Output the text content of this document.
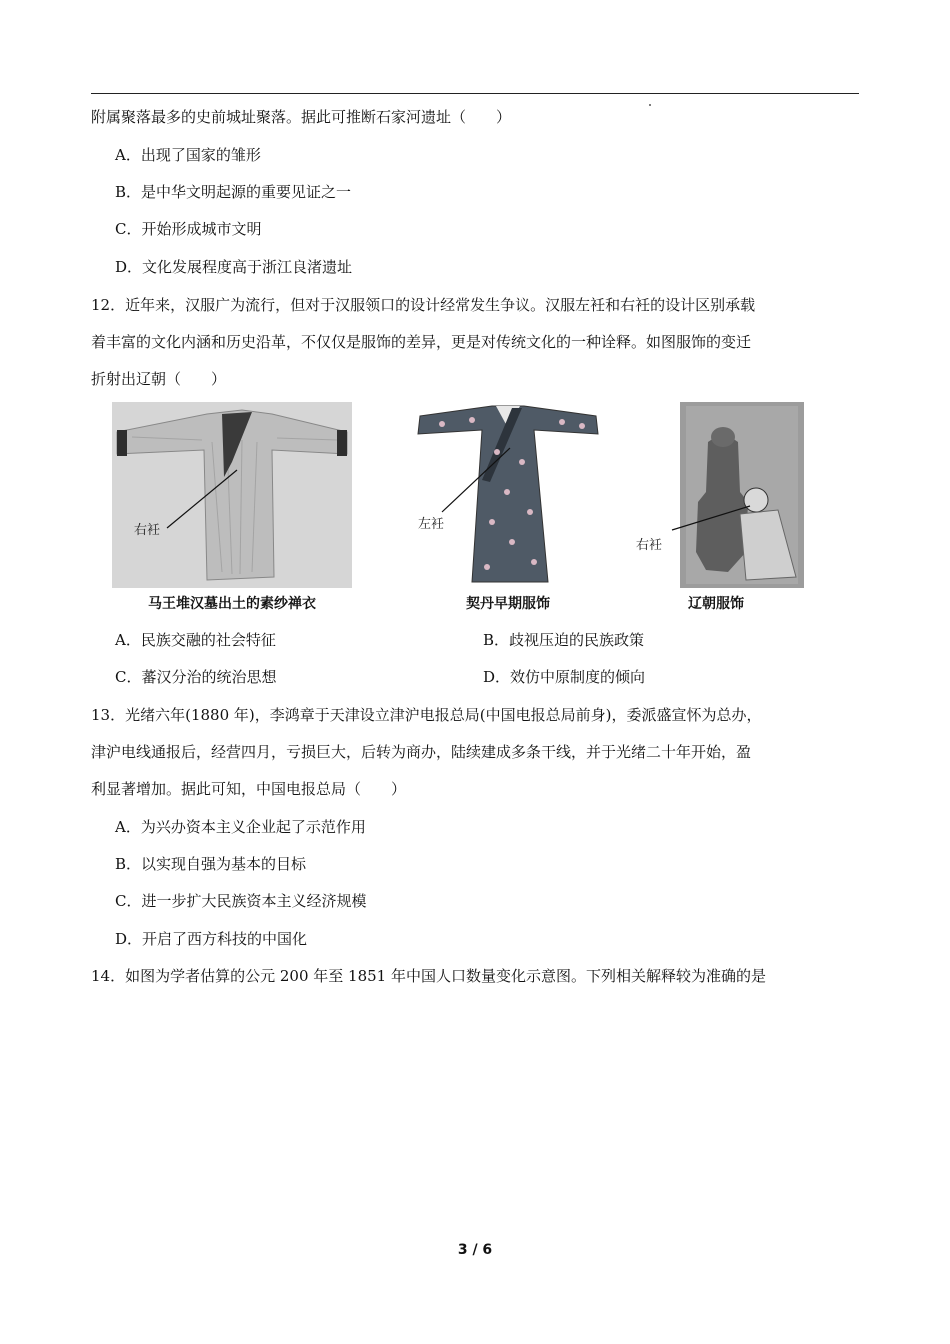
附属聚落最多的史前城址聚落。据此可推断石家河遗址（　　）
A．出现了国家的雏形
B．是中华文明起源的重要见证之一
C．开始形成城市文明
D．文化发展程度高于浙江良渚遗址
12．近年来，汉服广为流行，但对于汉服领口的设计经常发生争议。汉服左衽和右衽的设计区别承载
着丰富的文化内涵和历史沿革，不仅仅是服饰的差异，更是对传统文化的一种诠释。如图服饰的变迁
折射出辽朝（　　）
右衽
马王堆汉墓出土的素纱禅衣
左衽
契丹早期服饰
右衽
辽朝服饰
A．民族交融的社会特征	B．歧视压迫的民族政策
C．蕃汉分治的统治思想	D．效仿中原制度的倾向
13．光绪六年(1880 年)，李鸿章于天津设立津沪电报总局(中国电报总局前身)，委派盛宣怀为总办，
津沪电线通报后，经营四月，亏损巨大，后转为商办，陆续建成多条干线，并于光绪二十年开始，盈
利显著增加。据此可知，中国电报总局（　　）
A．为兴办资本主义企业起了示范作用
B．以实现自强为基本的目标
C．进一步扩大民族资本主义经济规模
D．开启了西方科技的中国化
14．如图为学者估算的公元 200 年至 1851 年中国人口数量变化示意图。下列相关解释较为准确的是
3 / 6
